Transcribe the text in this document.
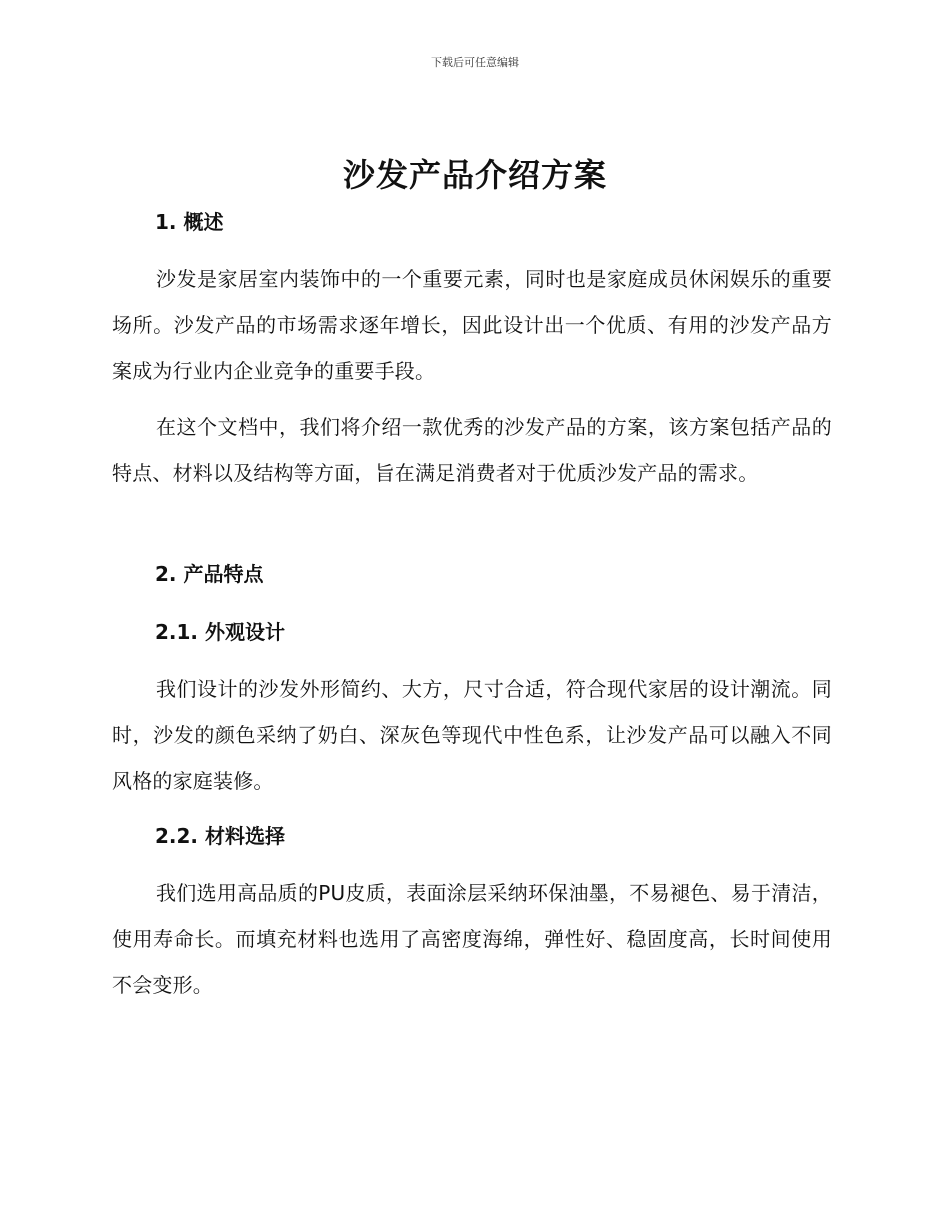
下载后可任意编辑
沙发产品介绍方案
1. 概述

沙发是家居室内装饰中的一个重要元素，同时也是家庭成员休闲娱乐的重要场所。沙发产品的市场需求逐年增长，因此设计出一个优质、有用的沙发产品方案成为行业内企业竞争的重要手段。

在这个文档中，我们将介绍一款优秀的沙发产品的方案，该方案包括产品的特点、材料以及结构等方面，旨在满足消费者对于优质沙发产品的需求。

2. 产品特点
2.1. 外观设计

我们设计的沙发外形简约、大方，尺寸合适，符合现代家居的设计潮流。同时，沙发的颜色采纳了奶白、深灰色等现代中性色系，让沙发产品可以融入不同风格的家庭装修。

2.2. 材料选择

我们选用高品质的PU皮质，表面涂层采纳环保油墨，不易褪色、易于清洁，使用寿命长。而填充材料也选用了高密度海绵，弹性好、稳固度高，长时间使用不会变形。
